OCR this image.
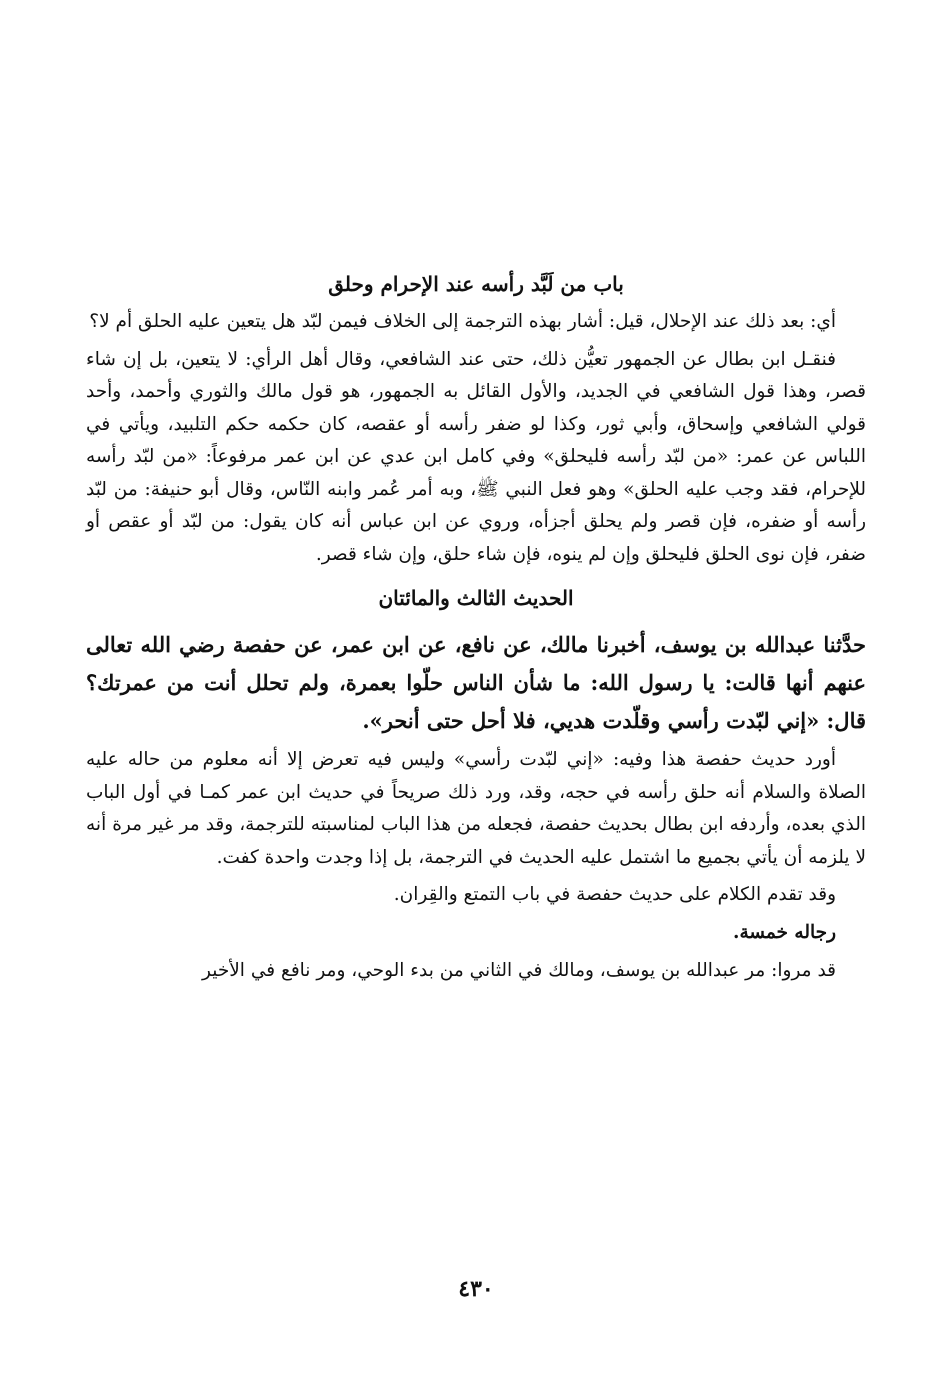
باب من لَبَّد رأسه عند الإحرام وحلق

أي: بعد ذلك عند الإحلال، قيل: أشار بهذه الترجمة إلى الخلاف فيمن لبّد هل يتعين عليه الحلق أم لا؟

فنقـل ابن بطال عن الجمهور تعيُّن ذلك، حتى عند الشافعي، وقال أهل الرأي: لا يتعين، بل إن شاء قصر، وهذا قول الشافعي في الجديد، والأول القائل به الجمهور، هو قول مالك والثوري وأحمد، وأحد قولي الشافعي وإسحاق، وأبي ثور، وكذا لو ضفر رأسه أو عقصه، كان حكمه حكم التلبيد، ويأتي في اللباس عن عمر: «من لبّد رأسه فليحلق» وفي كامل ابن عدي عن ابن عمر مرفوعاً: «من لبّد رأسه للإحرام، فقد وجب عليه الحلق» وهو فعل النبي ﷺ، وبه أمر عُمر وابنه النّاس، وقال أبو حنيفة: من لبّد رأسه أو ضفره، فإن قصر ولم يحلق أجزأه، وروي عن ابن عباس أنه كان يقول: من لبّد أو عقص أو ضفر، فإن نوى الحلق فليحلق وإن لم ينوه، فإن شاء حلق، وإن شاء قصر.

الحديث الثالث والمائتان

حدَّثنا عبدالله بن يوسف، أخبرنا مالك، عن نافع، عن ابن عمر، عن حفصة رضي الله تعالى عنهم أنها قالت: يا رسول الله: ما شأن الناس حلّوا بعمرة، ولم تحلل أنت من عمرتك؟ قال: «إني لبّدت رأسي وقلّدت هديي، فلا أحل حتى أنحر».

أورد حديث حفصة هذا وفيه: «إني لبّدت رأسي» وليس فيه تعرض إلا أنه معلوم من حاله عليه الصلاة والسلام أنه حلق رأسه في حجه، وقد، ورد ذلك صريحاً في حديث ابن عمر كمـا في أول الباب الذي بعده، وأردفه ابن بطال بحديث حفصة، فجعله من هذا الباب لمناسبته للترجمة، وقد مر غير مرة أنه لا يلزمه أن يأتي بجميع ما اشتمل عليه الحديث في الترجمة، بل إذا وجدت واحدة كفت.

وقد تقدم الكلام على حديث حفصة في باب التمتع والقِران.

رجاله خمسة.

قد مروا: مر عبدالله بن يوسف، ومالك في الثاني من بدء الوحي، ومر نافع في الأخير

٤٣٠
